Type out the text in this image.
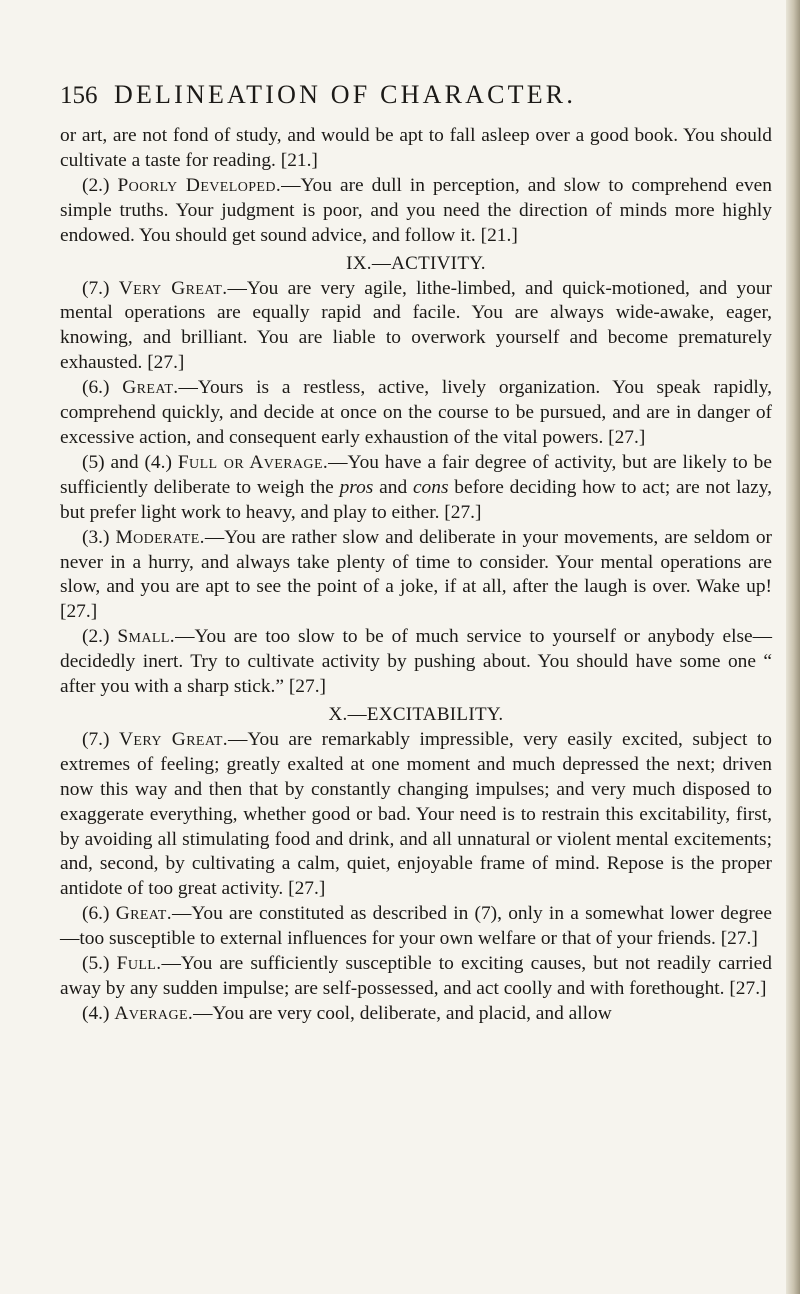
156 DELINEATION OF CHARACTER.

or art, are not fond of study, and would be apt to fall asleep over a good book. You should cultivate a taste for reading. [21.]

(2.) Poorly Developed.—You are dull in perception, and slow to comprehend even simple truths. Your judgment is poor, and you need the direction of minds more highly endowed. You should get sound advice, and follow it. [21.]

IX.—ACTIVITY.

(7.) Very Great.—You are very agile, lithe-limbed, and quick-motioned, and your mental operations are equally rapid and facile. You are always wide-awake, eager, knowing, and brilliant. You are liable to overwork yourself and become prematurely exhausted. [27.]

(6.) Great.—Yours is a restless, active, lively organization. You speak rapidly, comprehend quickly, and decide at once on the course to be pursued, and are in danger of excessive action, and consequent early exhaustion of the vital powers. [27.]

(5) and (4.) Full or Average.—You have a fair degree of activity, but are likely to be sufficiently deliberate to weigh the pros and cons before deciding how to act; are not lazy, but prefer light work to heavy, and play to either. [27.]

(3.) Moderate.—You are rather slow and deliberate in your movements, are seldom or never in a hurry, and always take plenty of time to consider. Your mental operations are slow, and you are apt to see the point of a joke, if at all, after the laugh is over. Wake up! [27.]

(2.) Small.—You are too slow to be of much service to yourself or anybody else—decidedly inert. Try to cultivate activity by pushing about. You should have some one “ after you with a sharp stick.” [27.]

X.—EXCITABILITY.

(7.) Very Great.—You are remarkably impressible, very easily excited, subject to extremes of feeling; greatly exalted at one moment and much depressed the next; driven now this way and then that by constantly changing impulses; and very much disposed to exaggerate everything, whether good or bad. Your need is to restrain this excitability, first, by avoiding all stimulating food and drink, and all unnatural or violent mental excitements; and, second, by cultivating a calm, quiet, enjoyable frame of mind. Repose is the proper antidote of too great activity. [27.]

(6.) Great.—You are constituted as described in (7), only in a somewhat lower degree—too susceptible to external influences for your own welfare or that of your friends. [27.]

(5.) Full.—You are sufficiently susceptible to exciting causes, but not readily carried away by any sudden impulse; are self-possessed, and act coolly and with forethought. [27.]

(4.) Average.—You are very cool, deliberate, and placid, and allow
